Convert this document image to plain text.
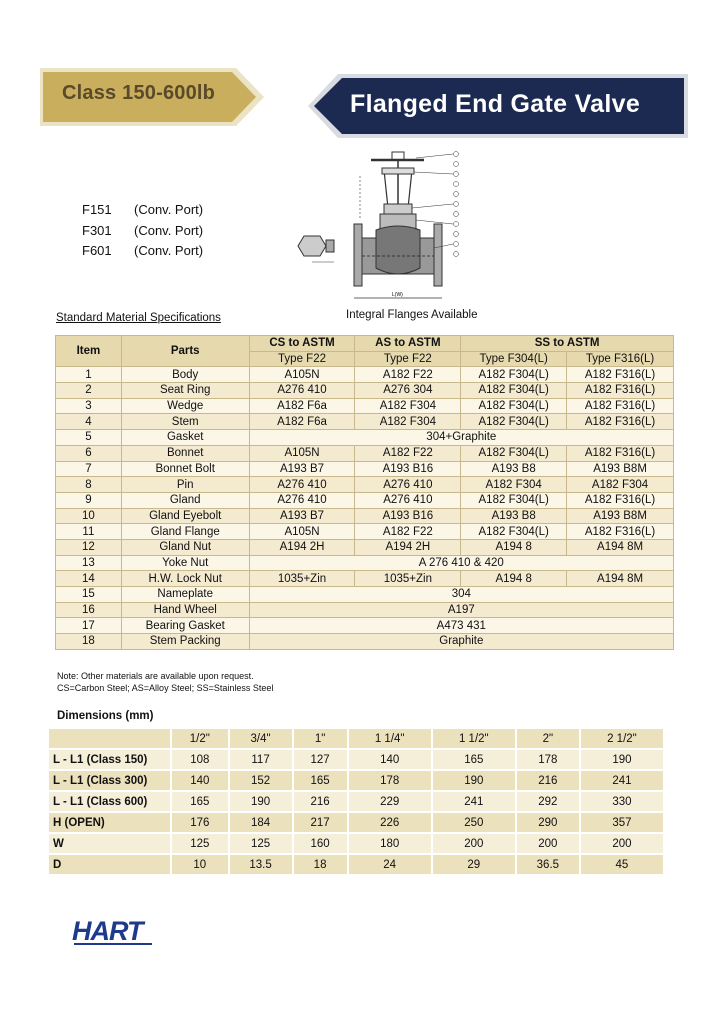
Class 150-600lb	Flanged End Gate Valve
F151	(Conv. Port)
F301	(Conv. Port)
F601	(Conv. Port)
L(W)
Integral Flanges Available
Standard Material Specifications
Item	Parts	CS to ASTM	AS to ASTM	SS to ASTM	
		Type F22	Type F22	Type F304(L)	Type F316(L)
1	Body	A105N	A182 F22	A182 F304(L)	A182 F316(L)
2	Seat Ring	A276 410	A276 304	A182 F304(L)	A182 F316(L)
3	Wedge	A182 F6a	A182 F304	A182 F304(L)	A182 F316(L)
4	Stem	A182 F6a	A182 F304	A182 F304(L)	A182 F316(L)
5	Gasket	304+Graphite			
6	Bonnet	A105N	A182 F22	A182 F304(L)	A182 F316(L)
7	Bonnet Bolt	A193 B7	A193 B16	A193 B8	A193 B8M
8	Pin	A276 410	A276 410	A182 F304	A182 F304
9	Gland	A276 410	A276 410	A182 F304(L)	A182 F316(L)
10	Gland Eyebolt	A193 B7	A193 B16	A193 B8	A193 B8M
11	Gland Flange	A105N	A182 F22	A182 F304(L)	A182 F316(L)
12	Gland Nut	A194 2H	A194 2H	A194 8	A194 8M
13	Yoke Nut	A 276 410 & 420			
14	H.W. Lock Nut	1035+Zin	1035+Zin	A194 8	A194 8M
15	Nameplate	304			
16	Hand Wheel	A197			
17	Bearing Gasket	A473 431			
18	Stem Packing	Graphite			
Note: Other materials are available upon request.
CS=Carbon Steel; AS=Alloy Steel; SS=Stainless Steel
Dimensions (mm)
	1/2"	3/4"	1"	1 1/4"	1 1/2"	2"	2 1/2"
L - L1 (Class 150)	108	117	127	140	165	178	190
L - L1 (Class 300)	140	152	165	178	190	216	241
L - L1 (Class 600)	165	190	216	229	241	292	330
H (OPEN)	176	184	217	226	250	290	357
W	125	125	160	180	200	200	200
D	10	13.5	18	24	29	36.5	45
HART
